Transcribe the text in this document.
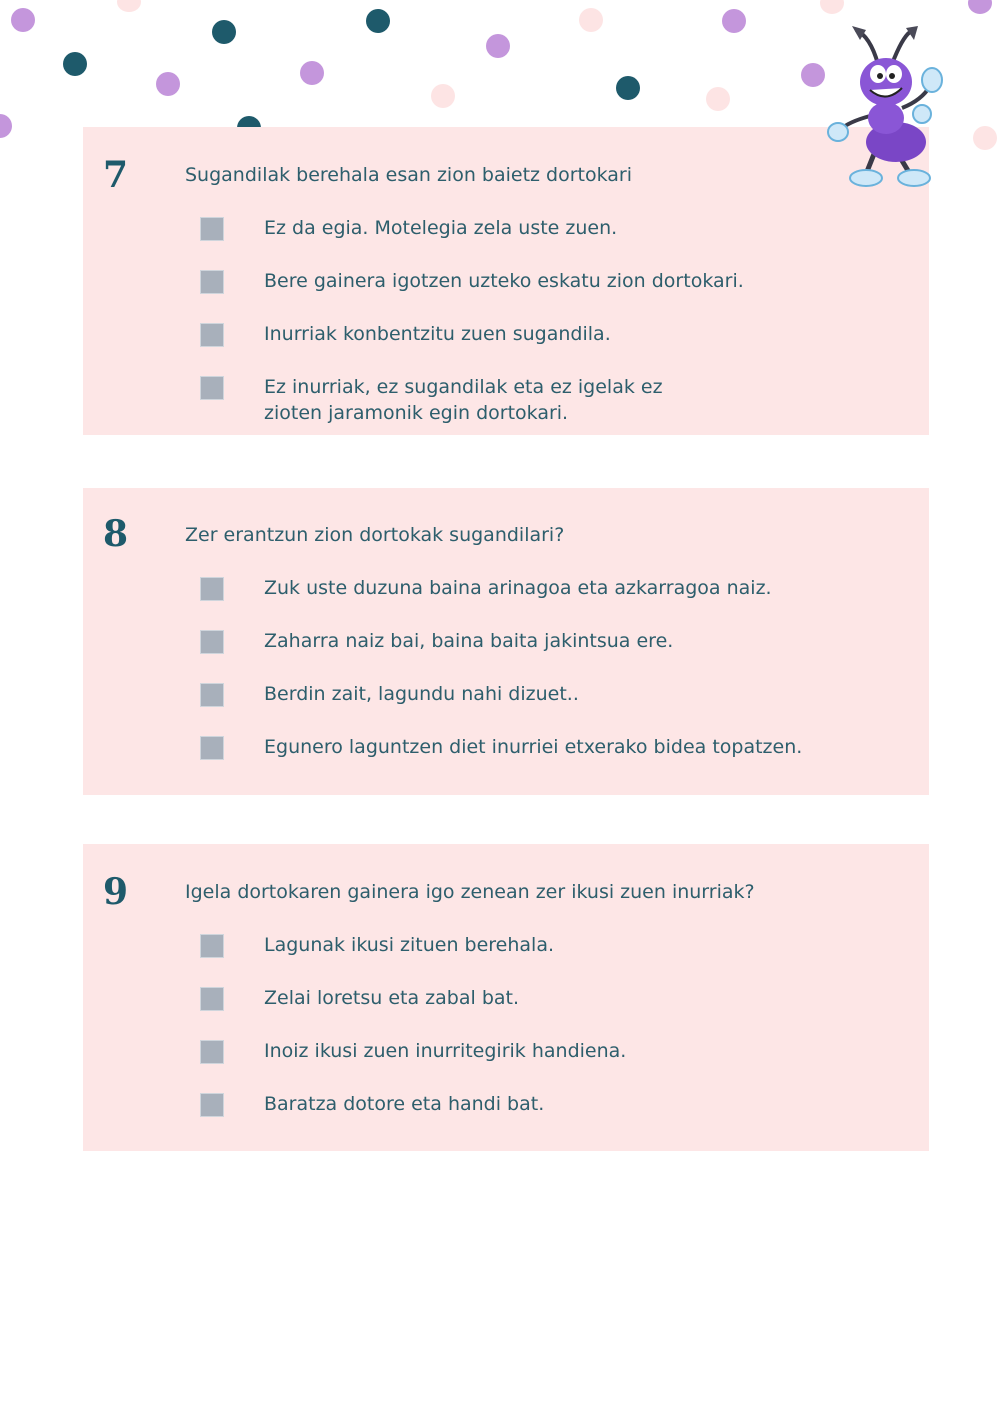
7	Sugandilak berehala esan zion baietz dortokari
Ez da egia. Motelegia zela uste zuen.
Bere gainera igotzen uzteko eskatu zion dortokari.
Inurriak konbentzitu zuen sugandila.
Ez inurriak, ez sugandilak eta ez igelak ez zioten jaramonik egin dortokari.
8	Zer erantzun zion dortokak sugandilari?
Zuk uste duzuna baina arinagoa eta azkarragoa naiz.
Zaharra naiz bai, baina baita jakintsua ere.
Berdin zait, lagundu nahi dizuet..
Egunero laguntzen diet inurriei etxerako bidea topatzen.
9	Igela dortokaren gainera igo zenean zer ikusi zuen inurriak?
Lagunak ikusi zituen berehala.
Zelai loretsu eta zabal bat.
Inoiz ikusi zuen inurritegirik handiena.
Baratza dotore eta handi bat.
